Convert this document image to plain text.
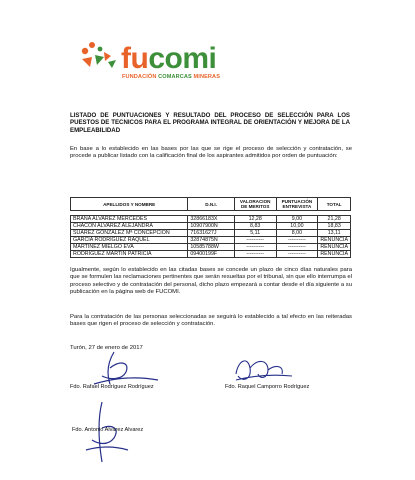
fucomi
FUNDACIÓN COMARCAS MINERAS
LISTADO DE PUNTUACIONES Y RESULTADO DEL PROCESO DE SELECCIÓN PARA LOS PUESTOS DE TECNICOS PARA EL PROGRAMA INTEGRAL DE ORIENTACIÓN Y MEJORA DE LA EMPLEABILIDAD
En base a lo establecido en las bases por las que se rige el proceso de selección y contratación, se procede a publicar listado con la calificación final de los aspirantes admitidos por orden de puntuación:
APELLIDOS Y NOMBRE	D.N.I.	VALORACION DE MERITOS	PUNTUACIÓN ENTREVISTA	TOTAL

BRAÑA ALVAREZ MERCEDES	32866183X	12,28	9,00	21,28
CHACON ALVAREZ ALEJANDRA	10907900N	8,83	10,00	18,83
SUAREZ GONZALEZ Mª CONCEPCION	71631627J	5,11	8,00	13,11
GARCIA RODRIGUEZ RAQUEL	32874875N	----------	----------	RENUNCIA
MARTINEZ MIELGO EVA	10585788W	----------	----------	RENUNCIA
RODRIGUEZ MARTIN PATRICIA	09400199F	----------	----------	RENUNCIA
Igualmente, según lo establecido en las citadas bases se concede un plazo de cinco días naturales para que se formulen las reclamaciones pertinentes que serán resueltas por el tribunal, sin que ello interrumpa el proceso selectivo y de contratación del personal, dicho plazo empezará a contar desde el día siguiente a su publicación en la página web de FUCOMI.
Para la contratación de las personas seleccionadas se seguirá lo establecido a tal efecto en las reiteradas bases que rigen el proceso de selección y contratación.
Turón, 27 de enero de 2017
Fdo. Rafael Rodríguez Rodríguez	Fdo. Raquel Camporro Rodríguez
Fdo. Antonio Alvarez Alvarez
